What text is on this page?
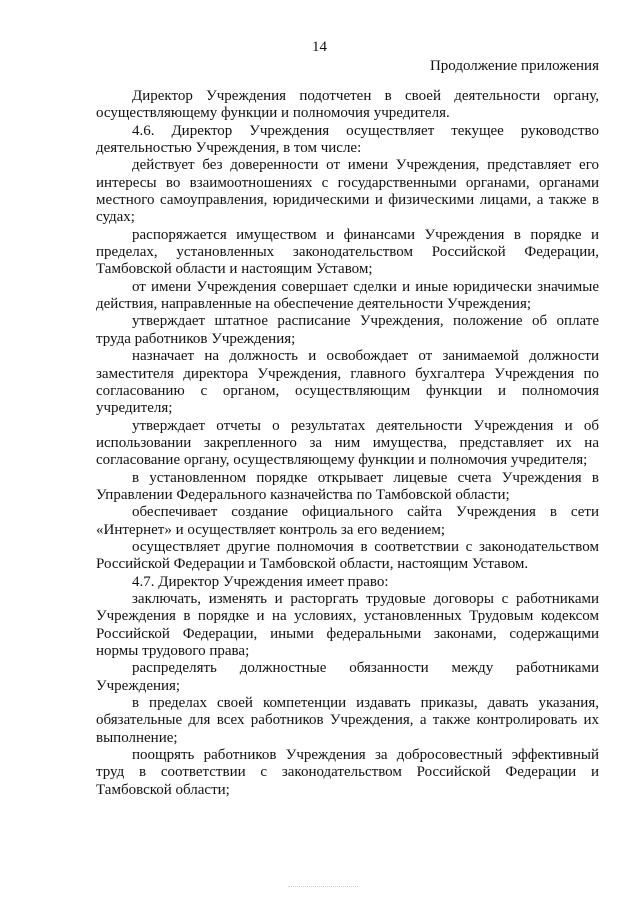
14
Продолжение приложения

Директор Учреждения подотчетен в своей деятельности органу, осуществляющему функции и полномочия учредителя.

4.6. Директор Учреждения осуществляет текущее руководство деятельностью Учреждения, в том числе:

действует без доверенности от имени Учреждения, представляет его интересы во взаимоотношениях с государственными органами, органами местного самоуправления, юридическими и физическими лицами, а также в судах;

распоряжается имуществом и финансами Учреждения в порядке и пределах, установленных законодательством Российской Федерации, Тамбовской области и настоящим Уставом;

от имени Учреждения совершает сделки и иные юридически значимые действия, направленные на обеспечение деятельности Учреждения;

утверждает штатное расписание Учреждения, положение об оплате труда работников Учреждения;

назначает на должность и освобождает от занимаемой должности заместителя директора Учреждения, главного бухгалтера Учреждения по согласованию с органом, осуществляющим функции и полномочия учредителя;

утверждает отчеты о результатах деятельности Учреждения и об использовании закрепленного за ним имущества, представляет их на согласование органу, осуществляющему функции и полномочия учредителя;

в установленном порядке открывает лицевые счета Учреждения в Управлении Федерального казначейства по Тамбовской области;

обеспечивает создание официального сайта Учреждения в сети «Интернет» и осуществляет контроль за его ведением;

осуществляет другие полномочия в соответствии с законодательством Российской Федерации и Тамбовской области, настоящим Уставом.

4.7. Директор Учреждения имеет право:

заключать, изменять и расторгать трудовые договоры с работниками Учреждения в порядке и на условиях, установленных Трудовым кодексом Российской Федерации, иными федеральными законами, содержащими нормы трудового права;

распределять должностные обязанности между работниками Учреждения;

в пределах своей компетенции издавать приказы, давать указания, обязательные для всех работников Учреждения, а также контролировать их выполнение;

поощрять работников Учреждения за добросовестный эффективный труд в соответствии с законодательством Российской Федерации и Тамбовской области;
